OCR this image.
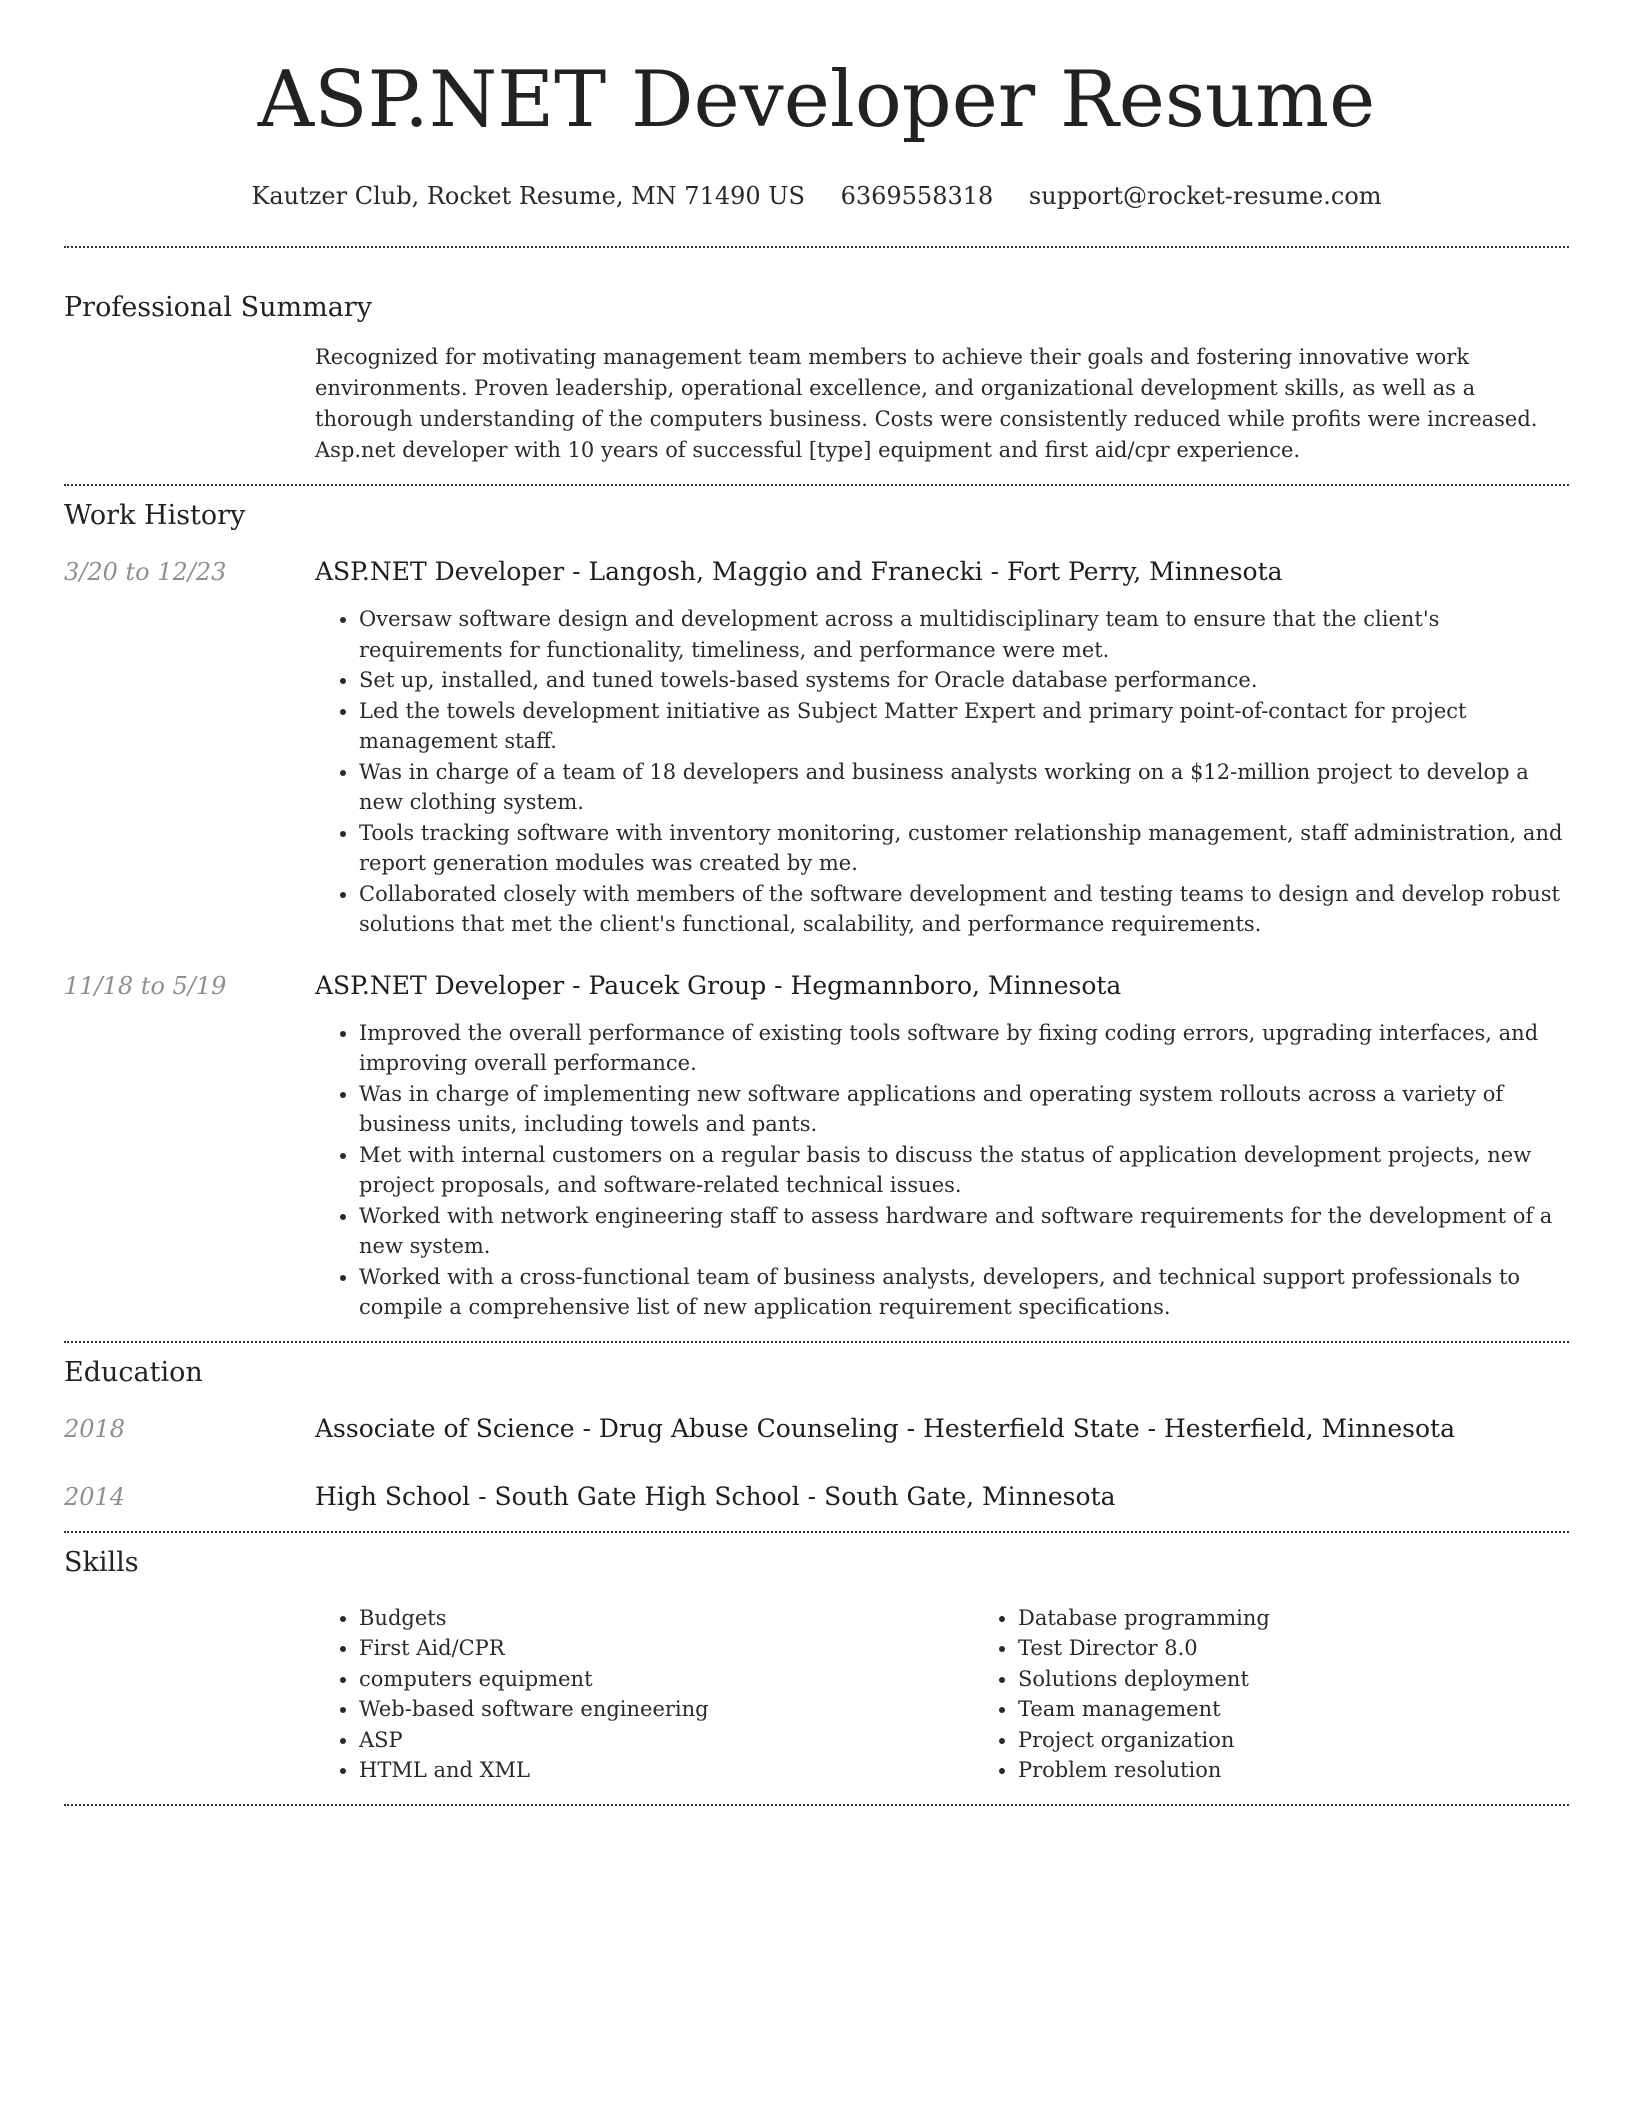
ASP.NET Developer Resume
Kautzer Club, Rocket Resume, MN 71490 US 6369558318 support@rocket-resume.com
Professional Summary
Recognized for motivating management team members to achieve their goals and fostering innovative work environments. Proven leadership, operational excellence, and organizational development skills, as well as a thorough understanding of the computers business. Costs were consistently reduced while profits were increased. Asp.net developer with 10 years of successful [type] equipment and first aid/cpr experience.
Work History
3/20 to 12/23	ASP.NET Developer - Langosh, Maggio and Franecki - Fort Perry, Minnesota
• Oversaw software design and development across a multidisciplinary team to ensure that the client's requirements for functionality, timeliness, and performance were met.
• Set up, installed, and tuned towels-based systems for Oracle database performance.
• Led the towels development initiative as Subject Matter Expert and primary point-of-contact for project management staff.
• Was in charge of a team of 18 developers and business analysts working on a $12-million project to develop a new clothing system.
• Tools tracking software with inventory monitoring, customer relationship management, staff administration, and report generation modules was created by me.
• Collaborated closely with members of the software development and testing teams to design and develop robust solutions that met the client's functional, scalability, and performance requirements.
11/18 to 5/19	ASP.NET Developer - Paucek Group - Hegmannboro, Minnesota
• Improved the overall performance of existing tools software by fixing coding errors, upgrading interfaces, and improving overall performance.
• Was in charge of implementing new software applications and operating system rollouts across a variety of business units, including towels and pants.
• Met with internal customers on a regular basis to discuss the status of application development projects, new project proposals, and software-related technical issues.
• Worked with network engineering staff to assess hardware and software requirements for the development of a new system.
• Worked with a cross-functional team of business analysts, developers, and technical support professionals to compile a comprehensive list of new application requirement specifications.
Education
2018	Associate of Science - Drug Abuse Counseling - Hesterfield State - Hesterfield, Minnesota
2014	High School - South Gate High School - South Gate, Minnesota
Skills
• Budgets
• First Aid/CPR
• computers equipment
• Web-based software engineering
• ASP
• HTML and XML
• Database programming
• Test Director 8.0
• Solutions deployment
• Team management
• Project organization
• Problem resolution
